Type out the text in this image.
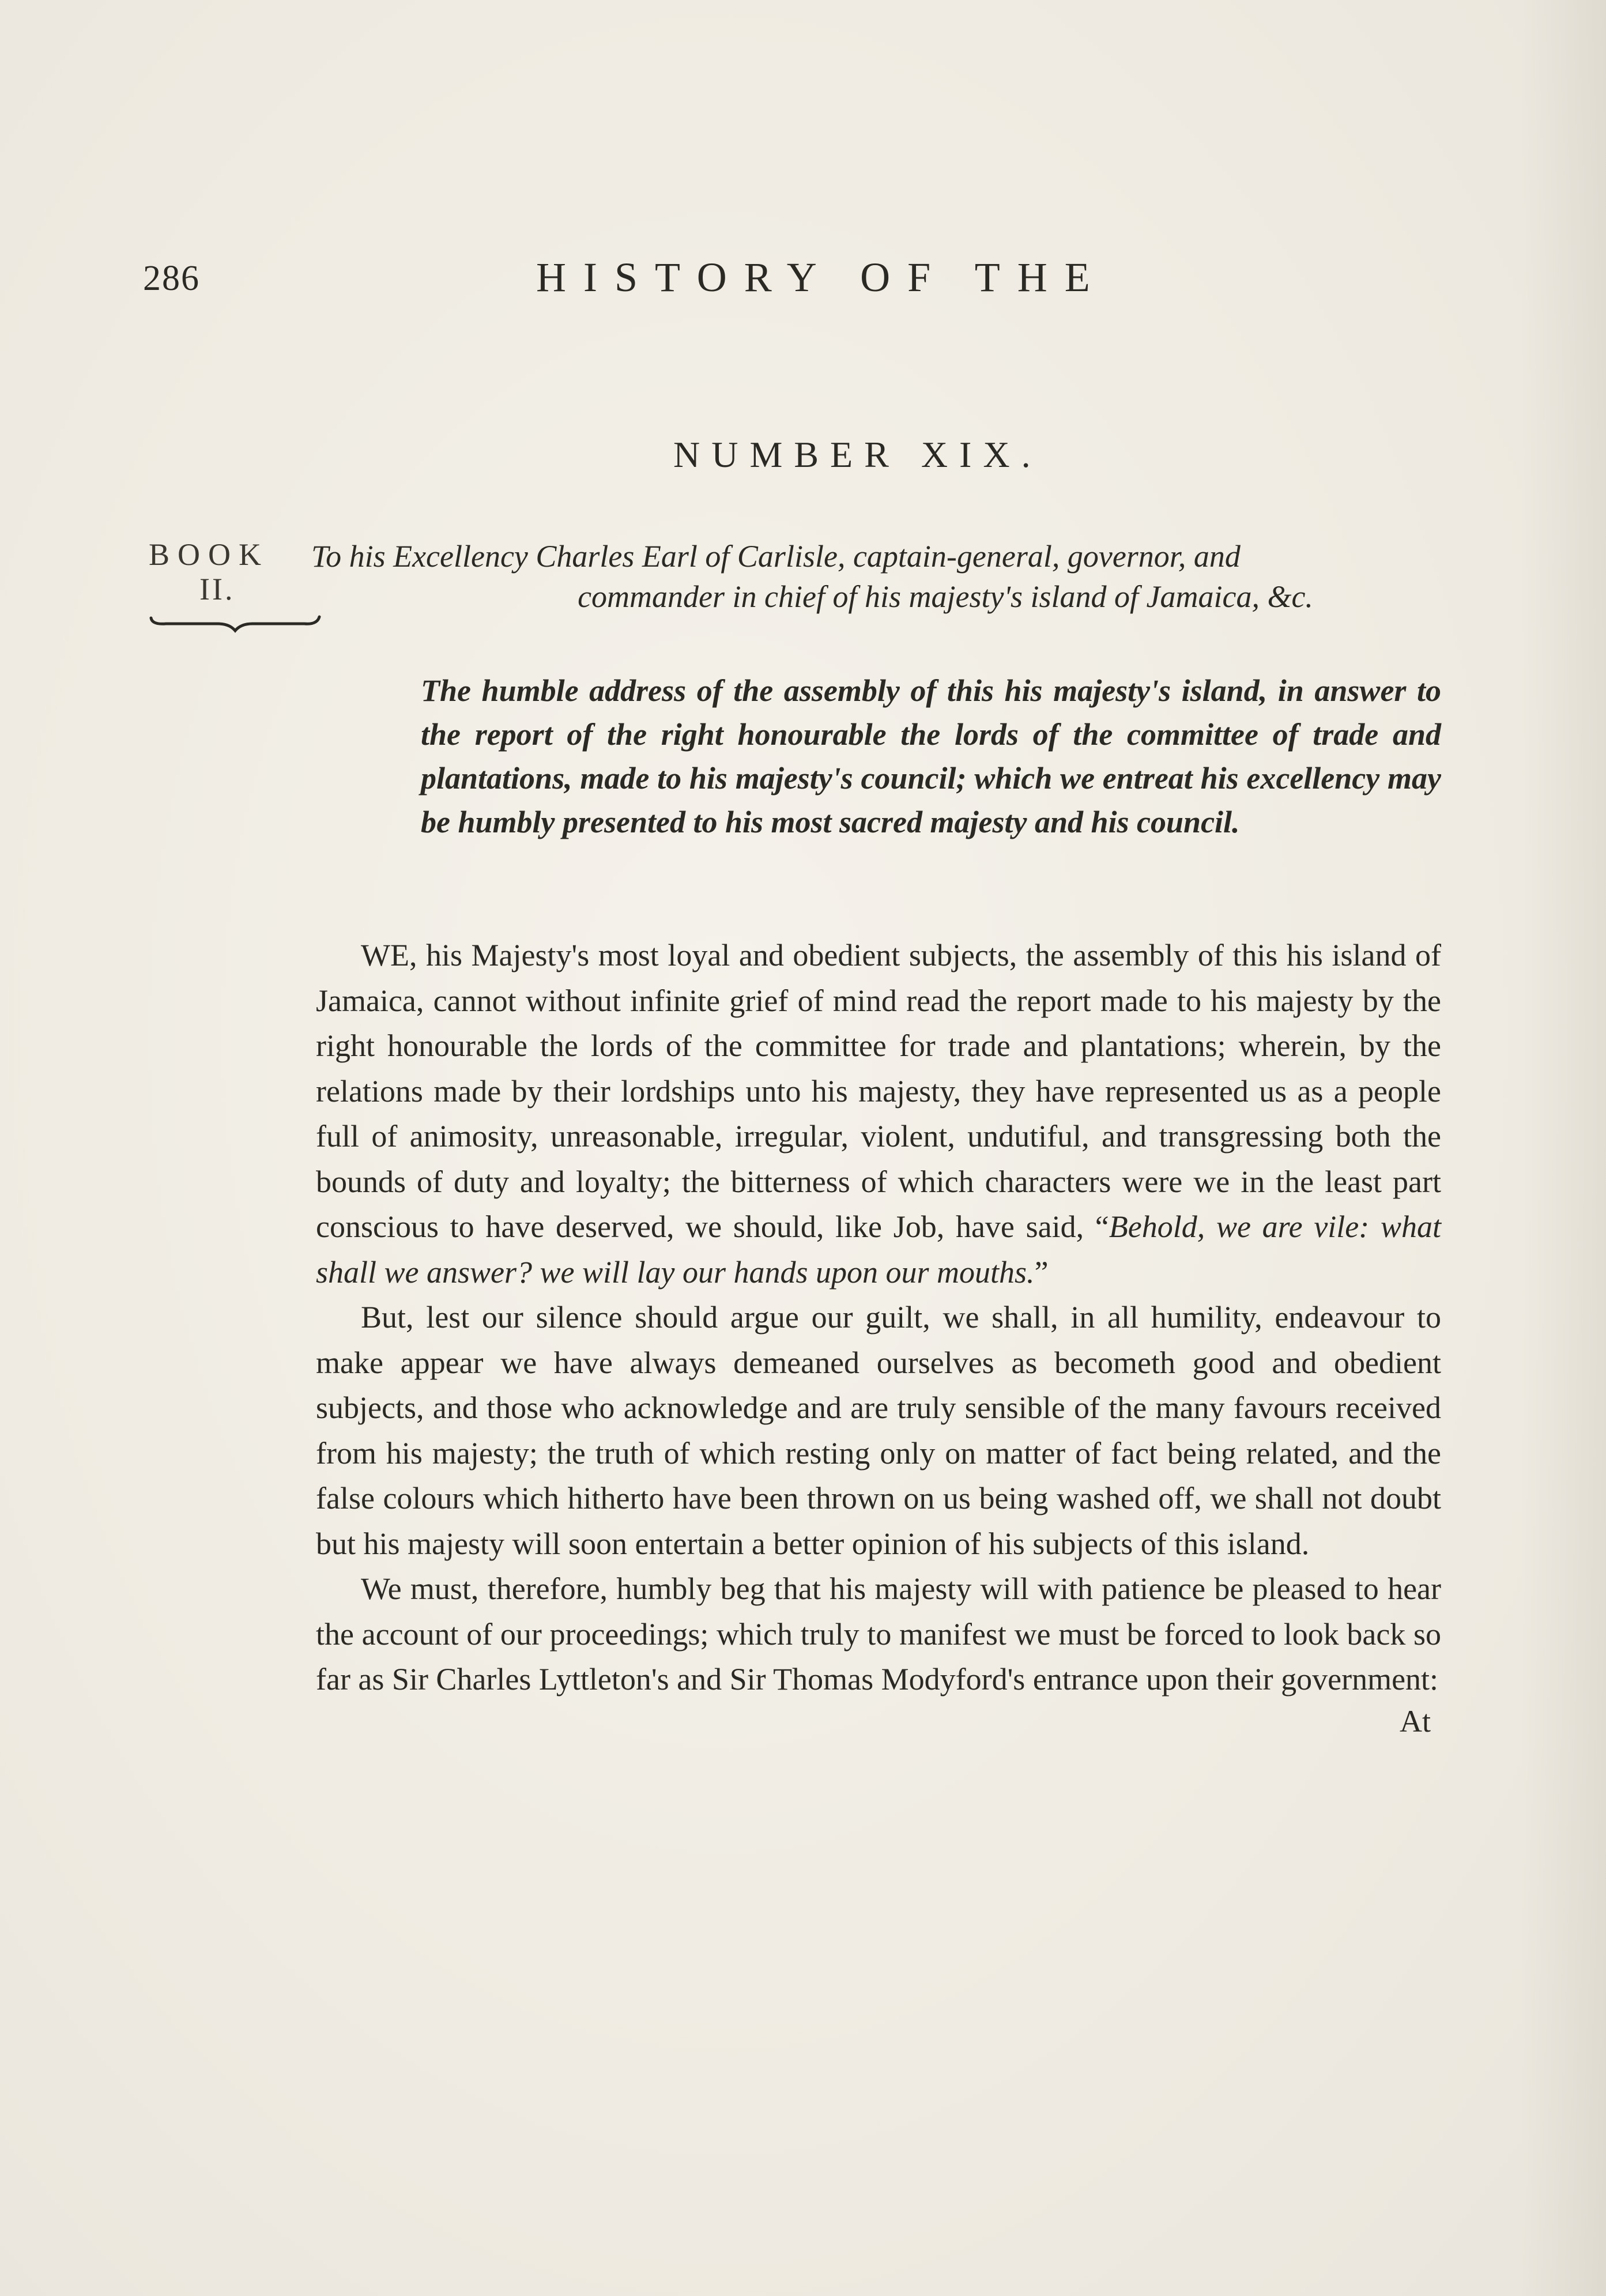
286	HISTORY OF THE
NUMBER XIX.
BOOK
II.
To his Excellency Charles Earl of Carlisle, captain-general, governor, and
commander in chief of his majesty's island of Jamaica, &c.
The humble address of the assembly of this his majesty's island, in answer to the report of the right honourable the lords of the committee of trade and plantations, made to his majesty's council; which we entreat his excellency may be humbly presented to his most sacred majesty and his council.

WE, his Majesty's most loyal and obedient subjects, the assembly of this his island of Jamaica, cannot without infinite grief of mind read the report made to his majesty by the right honourable the lords of the committee for trade and plantations; wherein, by the relations made by their lordships unto his majesty, they have represented us as a people full of animosity, unreasonable, irregular, violent, undutiful, and transgressing both the bounds of duty and loyalty; the bitterness of which characters were we in the least part conscious to have deserved, we should, like Job, have said, “Behold, we are vile: what shall we answer? we will lay our hands upon our mouths.”

But, lest our silence should argue our guilt, we shall, in all humility, endeavour to make appear we have always demeaned ourselves as becometh good and obedient subjects, and those who acknowledge and are truly sensible of the many favours received from his majesty; the truth of which resting only on matter of fact being related, and the false colours which hitherto have been thrown on us being washed off, we shall not doubt but his majesty will soon entertain a better opinion of his subjects of this island.

We must, therefore, humbly beg that his majesty will with patience be pleased to hear the account of our proceedings; which truly to manifest we must be forced to look back so far as Sir Charles Lyttleton's and Sir Thomas Modyford's entrance upon their government:

At
